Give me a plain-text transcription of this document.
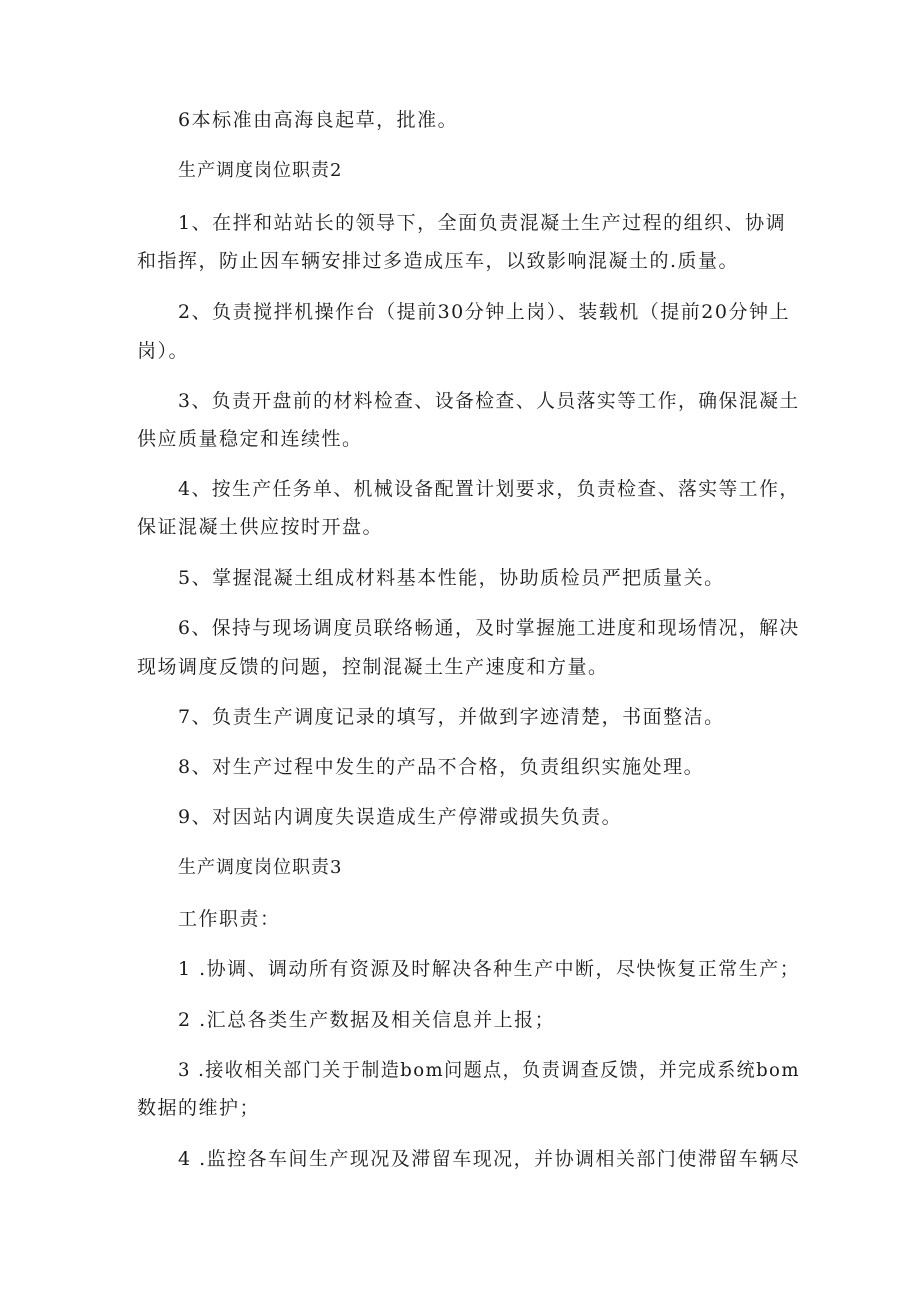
6本标准由高海良起草，批准。
生产调度岗位职责2
1、在拌和站站长的领导下，全面负责混凝土生产过程的组织、协调
和指挥，防止因车辆安排过多造成压车，以致影响混凝土的.质量。
2、负责搅拌机操作台（提前30分钟上岗）、装载机（提前20分钟上
岗）。
3、负责开盘前的材料检查、设备检查、人员落实等工作，确保混凝土
供应质量稳定和连续性。
4、按生产任务单、机械设备配置计划要求，负责检查、落实等工作，
保证混凝土供应按时开盘。
5、掌握混凝土组成材料基本性能，协助质检员严把质量关。
6、保持与现场调度员联络畅通，及时掌握施工进度和现场情况，解决
现场调度反馈的问题，控制混凝土生产速度和方量。
7、负责生产调度记录的填写，并做到字迹清楚，书面整洁。
8、对生产过程中发生的产品不合格，负责组织实施处理。
9、对因站内调度失误造成生产停滞或损失负责。
生产调度岗位职责3
工作职责：
1 .协调、调动所有资源及时解决各种生产中断，尽快恢复正常生产；
2 .汇总各类生产数据及相关信息并上报；
3 .接收相关部门关于制造bom问题点，负责调查反馈，并完成系统bom
数据的维护；
4 .监控各车间生产现况及滞留车现况，并协调相关部门使滞留车辆尽
